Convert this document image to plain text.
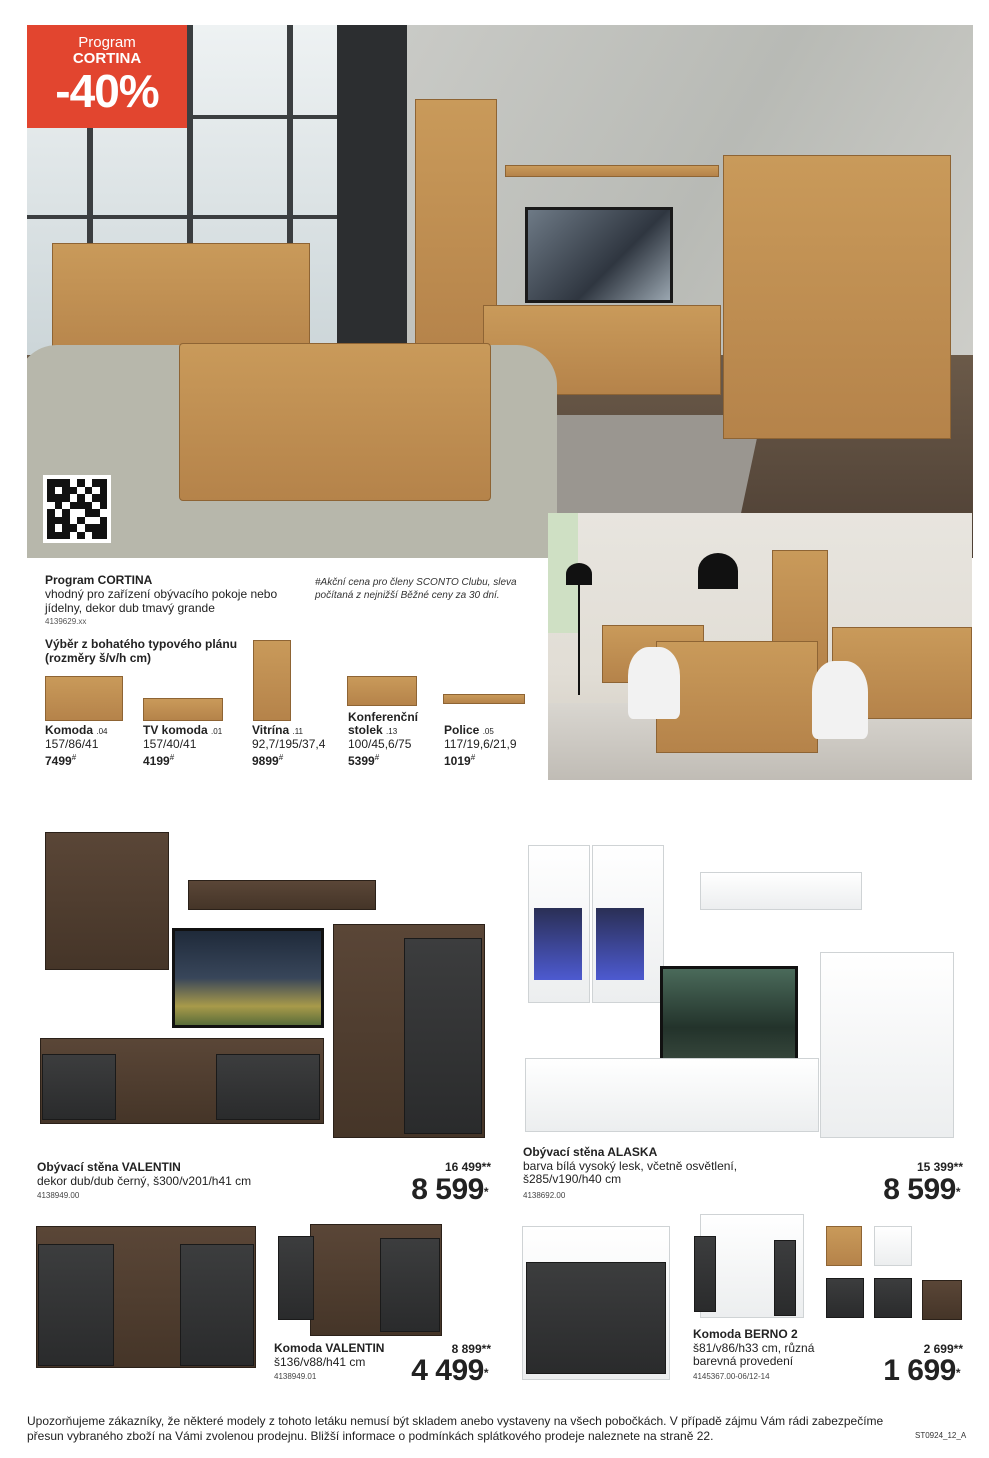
Program
CORTINA
-40%
Program CORTINA
vhodný pro zařízení obývacího pokoje nebo jídelny, dekor dub tmavý grande
4139629.xx
#Akční cena pro členy SCONTO Clubu, sleva počítaná z nejnižší Běžné ceny za 30 dní.
Výběr z bohatého typového plánu (rozměry š/v/h cm)
Komoda .04
157/86/41
7499#
TV komoda .01
157/40/41
4199#
Vitrína .11
92,7/195/37,4
9899#
Konferenční stolek .13
100/45,6/75
5399#
Police .05
117/19,6/21,9
1019#
Obývací stěna VALENTIN
dekor dub/dub černý, š300/v201/h41 cm
4138949.00
16 499**
8 599*
Obývací stěna ALASKA
barva bílá vysoký lesk, včetně osvětlení, š285/v190/h40 cm
4138692.00
15 399**
8 599*
Komoda VALENTIN
š136/v88/h41 cm
4138949.01
8 899**
4 499*
Komoda BERNO 2
š81/v86/h33 cm, různá barevná provedení
4145367.00-06/12-14
2 699**
1 699*
Upozorňujeme zákazníky, že některé modely z tohoto letáku nemusí být skladem anebo vystaveny na všech pobočkách. V případě zájmu Vám rádi zabezpečíme přesun vybraného zboží na Vámi zvolenou prodejnu. Bližší informace o podmínkách splátkového prodeje naleznete na straně 22.	ST0924_12_A
